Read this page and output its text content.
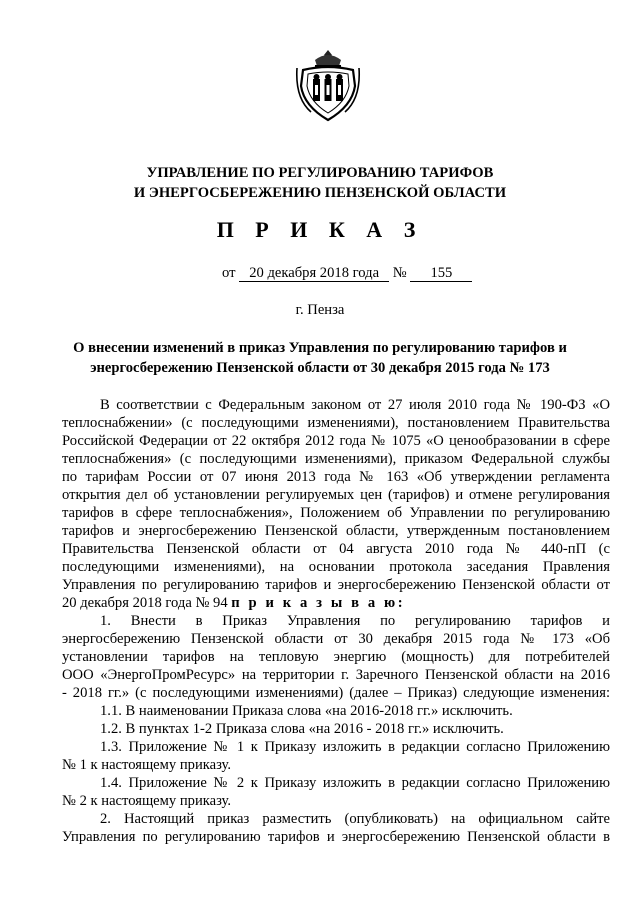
УПРАВЛЕНИЕ ПО РЕГУЛИРОВАНИЮ ТАРИФОВ
И ЭНЕРГОСБЕРЕЖЕНИЮ ПЕНЗЕНСКОЙ ОБЛАСТИ
П Р И К А З
от 20 декабря 2018 года № 155
г. Пенза
О внесении изменений в приказ Управления по регулированию тарифов и
энергосбережению Пензенской области от 30 декабря 2015 года № 173
В соответствии с Федеральным законом от 27 июля 2010 года № 190-ФЗ «О
теплоснабжении» (с последующими изменениями), постановлением Правительства
Российской Федерации от 22 октября 2012 года № 1075 «О ценообразовании в сфере
теплоснабжения» (с последующими изменениями), приказом Федеральной службы
по тарифам России от 07 июня 2013 года № 163 «Об утверждении регламента
открытия дел об установлении регулируемых цен (тарифов) и отмене регулирования
тарифов в сфере теплоснабжения», Положением об Управлении по регулированию
тарифов и энергосбережению Пензенской области, утвержденным постановлением
Правительства Пензенской области от 04 августа 2010 года № 440-пП (с
последующими изменениями), на основании протокола заседания Правления
Управления по регулированию тарифов и энергосбережению Пензенской области от
20 декабря 2018 года № 94 п р и к а з ы в а ю:
1. Внести в Приказ Управления по регулированию тарифов и
энергосбережению Пензенской области от 30 декабря 2015 года № 173 «Об
установлении тарифов на тепловую энергию (мощность) для потребителей
ООО «ЭнергоПромРесурс» на территории г. Заречного Пензенской области на 2016
- 2018 гг.» (с последующими изменениями) (далее – Приказ) следующие изменения:
1.1. В наименовании Приказа слова «на 2016-2018 гг.» исключить.
1.2. В пунктах 1-2 Приказа слова «на 2016 - 2018 гг.» исключить.
1.3. Приложение № 1 к Приказу изложить в редакции согласно Приложению
№ 1 к настоящему приказу.
1.4. Приложение № 2 к Приказу изложить в редакции согласно Приложению
№ 2 к настоящему приказу.
2. Настоящий приказ разместить (опубликовать) на официальном сайте
Управления по регулированию тарифов и энергосбережению Пензенской области в
